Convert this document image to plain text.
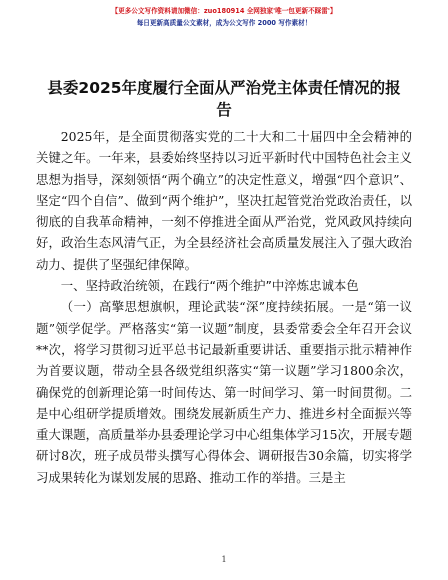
【更多公文写作资料请加微信：zuo180914 全网独家'唯一包更新不踩雷'】
每日更新高质量公文素材，成为公文写作 2000 写作素材！
县委2025年度履行全面从严治党主体责任情况的报告

2025年，是全面贯彻落实党的二十大和二十届四中全会精神的关键之年。一年来，县委始终坚持以习近平新时代中国特色社会主义思想为指导，深刻领悟“两个确立”的决定性意义，增强“四个意识”、坚定“四个自信”、做到“两个维护”，坚决扛起管党治党政治责任，以彻底的自我革命精神，一刻不停推进全面从严治党，党风政风持续向好，政治生态风清气正，为全县经济社会高质量发展注入了强大政治动力、提供了坚强纪律保障。

一、坚持政治统领，在践行“两个维护”中淬炼忠诚本色

（一）高擎思想旗帜，理论武装“深”度持续拓展。一是“第一议题”领学促学。严格落实“第一议题”制度，县委常委会全年召开会议**次，将学习贯彻习近平总书记最新重要讲话、重要指示批示精神作为首要议题，带动全县各级党组织落实“第一议题”学习1800余次，确保党的创新理论第一时间传达、第一时间学习、第一时间贯彻。二是中心组研学提质增效。围绕发展新质生产力、推进乡村全面振兴等重大课题，高质量举办县委理论学习中心组集体学习15次，开展专题研讨8次，班子成员带头撰写心得体会、调研报告30余篇，切实将学习成果转化为谋划发展的思路、推动工作的举措。三是主

1
